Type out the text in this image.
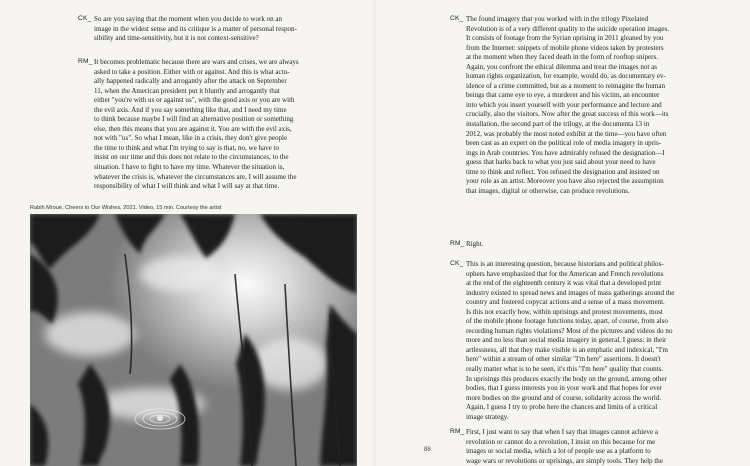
CK_ So are you saying that the moment when you decide to work on an
image in the widest sense and its critique is a matter of personal respon-
sibility and time-sensitivity, but it is not context-sensitive?
RM_ It becomes problematic because there are wars and crises, we are always
asked to take a position. Either with or against. And this is what actu-
ally happened radically and arrogantly after the attack on September
11, when the American president put it bluntly and arrogantly that
either "you're with us or against us", with the good axis or you are with
the evil axis. And if you say something like that, and I need my time
to think because maybe I will find an alternative position or something
else, then this means that you are against it. You are with the evil axis,
not with "us". So what I mean, like in a crisis, they don't give people
the time to think and what I'm trying to say is that, no, we have to
insist on our time and this does not relate to the circumstances, to the
situation. I have to fight to have my time. Whatever the situation is,
whatever the crisis is, whatever the circumstances are, I will assume the
responsibility of what I will think and what I will say at that time.
Rabih Mroué, Cheers to Our Wishes, 2021. Video, 15 min. Courtesy the artist
CK_ The found imagery that you worked with in the trilogy Pixelated
Revolution is of a very different quality to the suicide operation images.
It consists of footage from the Syrian uprising in 2011 gleaned by you
from the Internet: snippets of mobile phone videos taken by protesters
at the moment when they faced death in the form of rooftop snipers.
Again, you confront the ethical dilemma and treat the images not as
human rights organization, for example, would do, as documentary ev-
idence of a crime committed, but as a moment to reimagine the human
beings that came eye to eye, a murderer and his victim, an encounter
into which you insert yourself with your performance and lecture and
crucially, also the visitors. Now after the great success of this work—its
installation, the second part of the trilogy, at the documenta 13 in
2012, was probably the most noted exhibit at the time—you have often
been cast as an expert on the political role of media imagery in upris-
ings in Arab countries. You have admirably refused the designation—I
guess that harks back to what you just said about your need to have
time to think and reflect. You refused the designation and insisted on
your role as an artist. Moreover you have also rejected the assumption
that images, digital or otherwise, can produce revolutions.
RM_ Right.
CK_ This is an interesting question, because historians and political philos-
ophers have emphasized that for the American and French revolutions
at the end of the eighteenth century it was vital that a developed print
industry existed to spread news and images of mass gatherings around the
country and fostered copycat actions and a sense of a mass movement.
Is this not exactly how, within uprisings and protest movements, most
of the mobile phone footage functions today, apart, of course, from also
recording human rights violations? Most of the pictures and videos do no
more and no less than social media imagery in general, I guess: in their
artlessness, all that they make visible is an emphatic and indexical, "I'm
here" within a stream of other similar "I'm here" assertions. It doesn't
really matter what is to be seen, it's this "I'm here" quality that counts.
In uprisings this produces exactly the body on the ground, among other
bodies, that I guess interests you in your work and that hopes for ever
more bodies on the ground and of course, solidarity across the world.
Again, I guess I try to probe here the chances and limits of a critical
image strategy.
RM_ First, I just want to say that when I say that images cannot achieve a
revolution or cannot do a revolution, I insist on this because for me
images or social media, which a lot of people use as a platform to
wage wars or revolutions or uprisings, are simply tools. They help the
88
